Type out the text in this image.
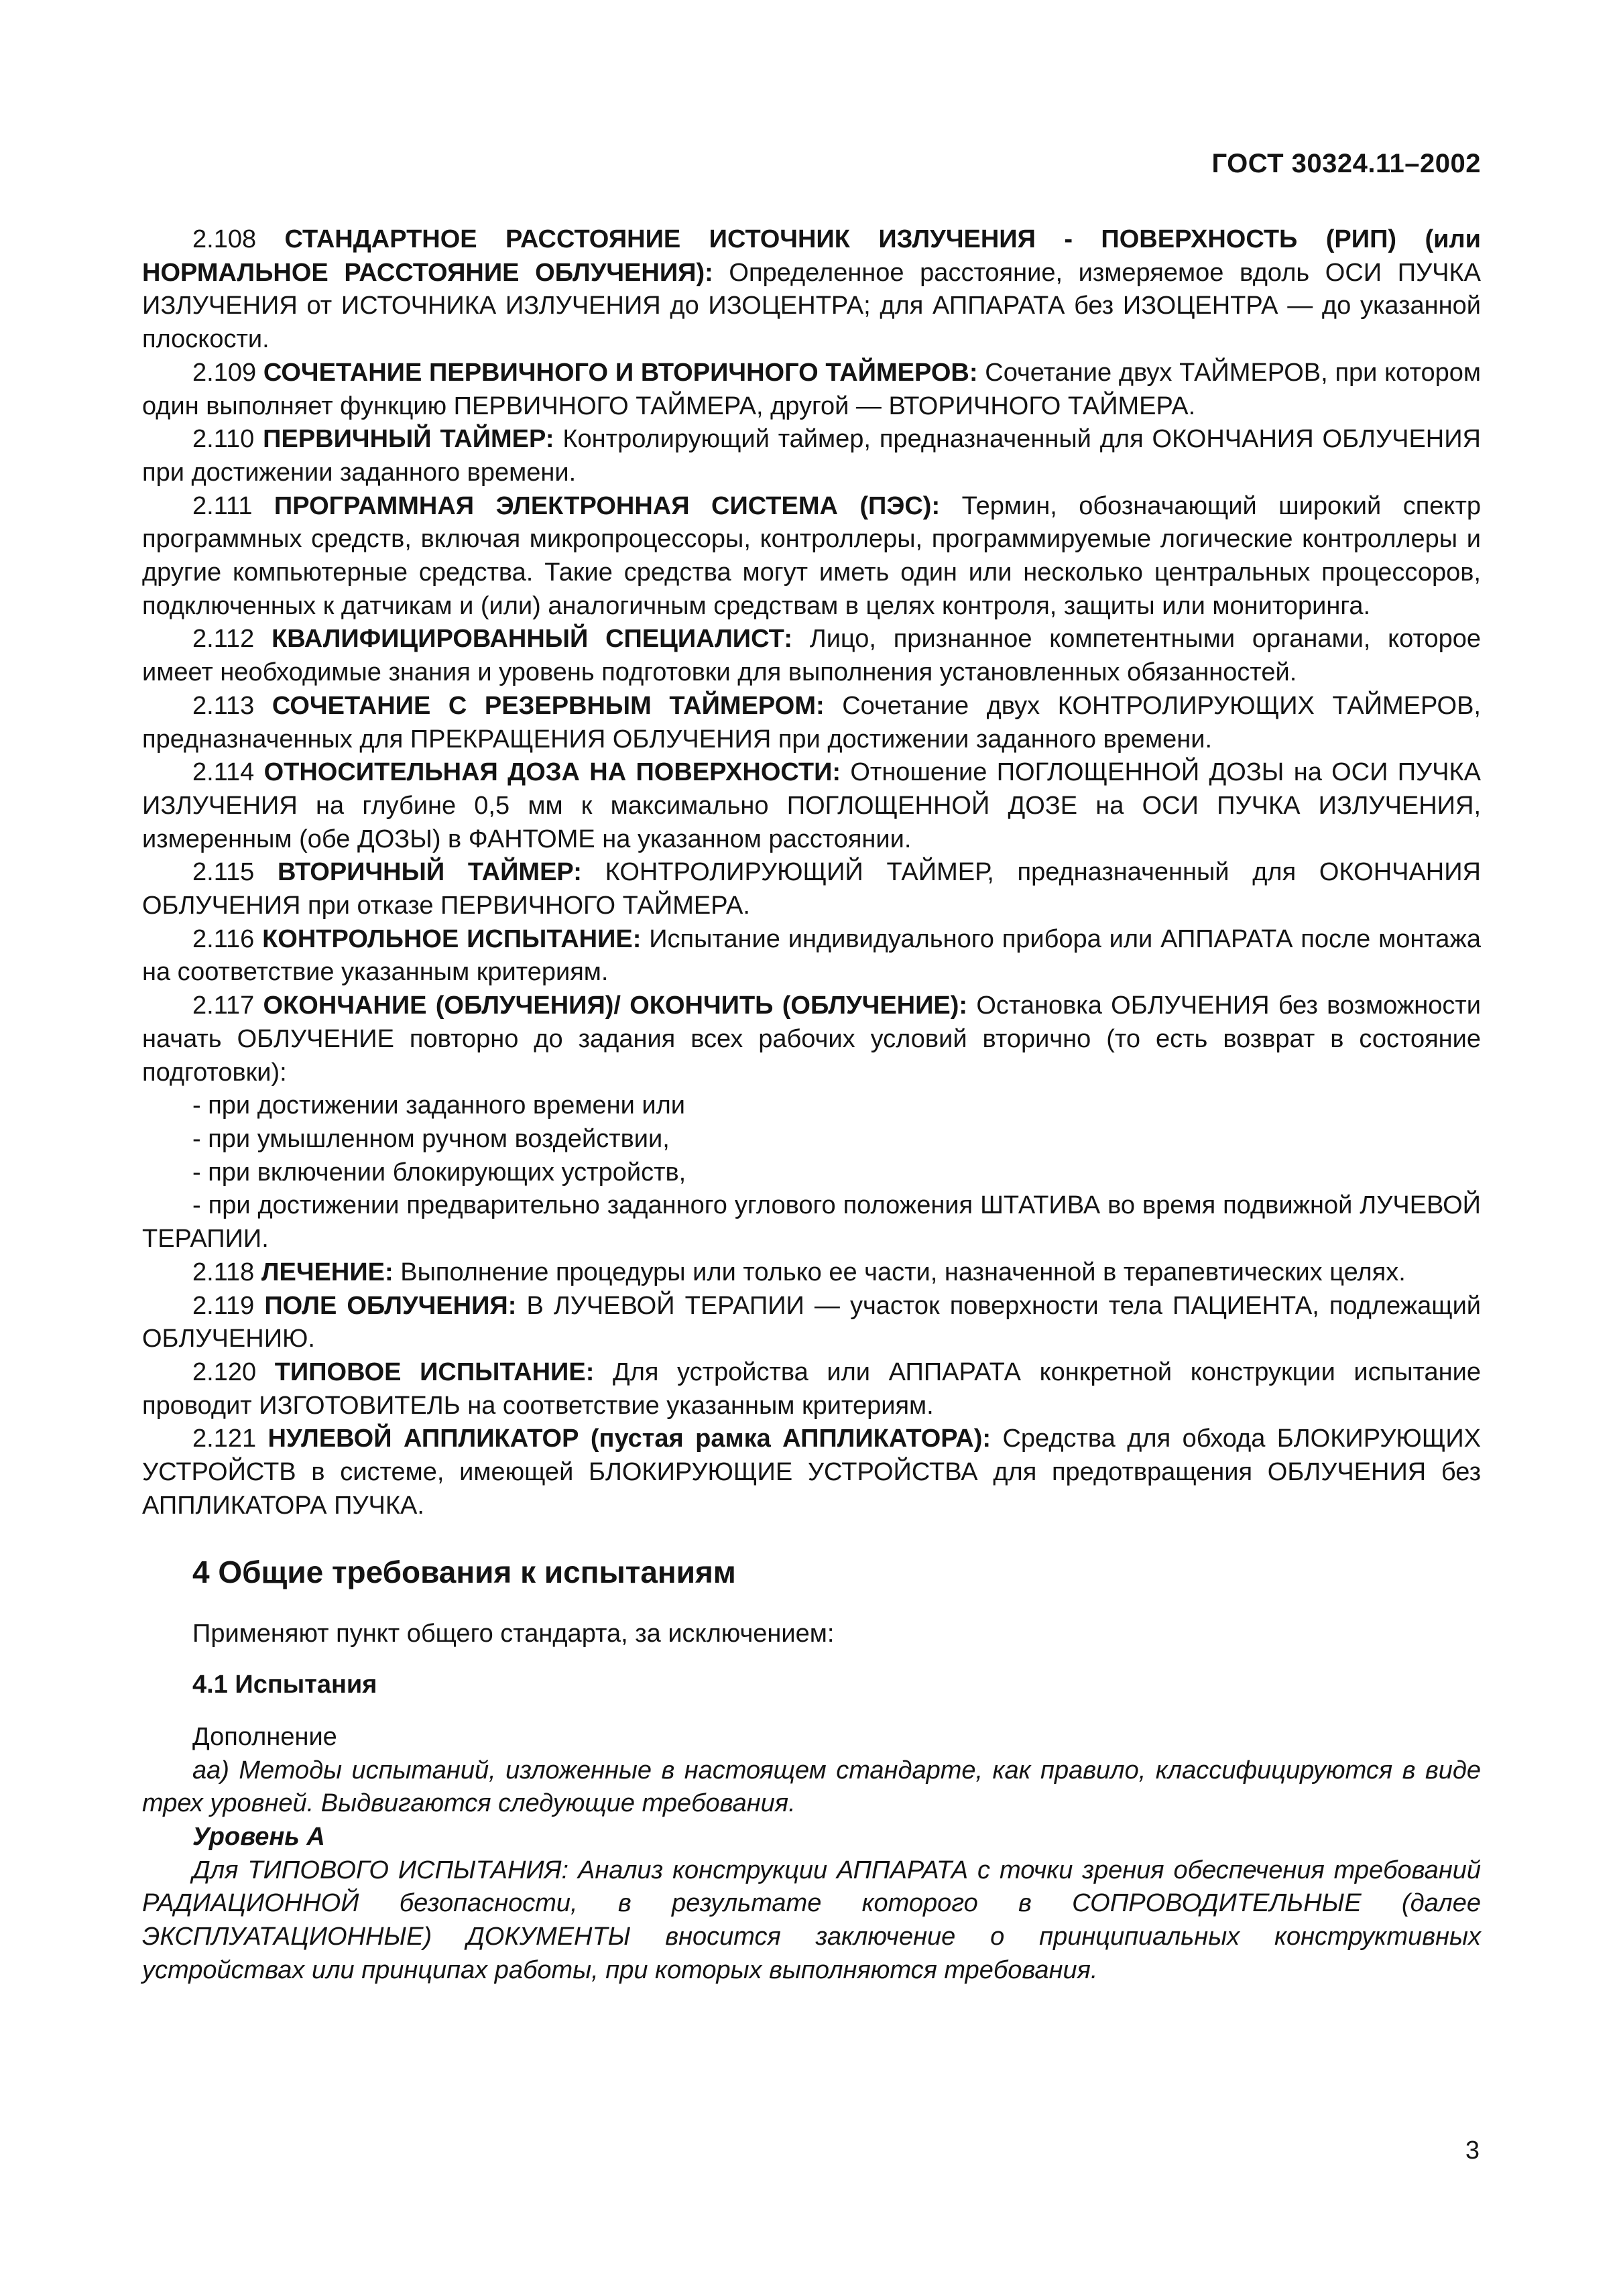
ГОСТ 30324.11–2002

2.108 СТАНДАРТНОЕ РАССТОЯНИЕ ИСТОЧНИК ИЗЛУЧЕНИЯ - ПОВЕРХНОСТЬ (РИП) (или НОРМАЛЬНОЕ РАССТОЯНИЕ ОБЛУЧЕНИЯ): Определенное расстояние, измеряемое вдоль ОСИ ПУЧКА ИЗЛУЧЕНИЯ от ИСТОЧНИКА ИЗЛУЧЕНИЯ до ИЗОЦЕНТРА; для АППАРАТА без ИЗОЦЕНТРА — до указанной плоскости.

2.109 СОЧЕТАНИЕ ПЕРВИЧНОГО И ВТОРИЧНОГО ТАЙМЕРОВ: Сочетание двух ТАЙМЕРОВ, при котором один выполняет функцию ПЕРВИЧНОГО ТАЙМЕРА, другой — ВТОРИЧНОГО ТАЙМЕРА.

2.110 ПЕРВИЧНЫЙ ТАЙМЕР: Контролирующий таймер, предназначенный для ОКОНЧАНИЯ ОБЛУЧЕНИЯ при достижении заданного времени.

2.111 ПРОГРАММНАЯ ЭЛЕКТРОННАЯ СИСТЕМА (ПЭС): Термин, обозначающий широкий спектр программных средств, включая микропроцессоры, контроллеры, программируемые логические контроллеры и другие компьютерные средства. Такие средства могут иметь один или несколько центральных процессоров, подключенных к датчикам и (или) аналогичным средствам в целях контроля, защиты или мониторинга.

2.112 КВАЛИФИЦИРОВАННЫЙ СПЕЦИАЛИСТ: Лицо, признанное компетентными органами, которое имеет необходимые знания и уровень подготовки для выполнения установленных обязанностей.

2.113 СОЧЕТАНИЕ С РЕЗЕРВНЫМ ТАЙМЕРОМ: Сочетание двух КОНТРОЛИРУЮЩИХ ТАЙМЕРОВ, предназначенных для ПРЕКРАЩЕНИЯ ОБЛУЧЕНИЯ при достижении заданного времени.

2.114 ОТНОСИТЕЛЬНАЯ ДОЗА НА ПОВЕРХНОСТИ: Отношение ПОГЛОЩЕННОЙ ДОЗЫ на ОСИ ПУЧКА ИЗЛУЧЕНИЯ на глубине 0,5 мм к максимально ПОГЛОЩЕННОЙ ДОЗЕ на ОСИ ПУЧКА ИЗЛУЧЕНИЯ, измеренным (обе ДОЗЫ) в ФАНТОМЕ на указанном расстоянии.

2.115 ВТОРИЧНЫЙ ТАЙМЕР: КОНТРОЛИРУЮЩИЙ ТАЙМЕР, предназначенный для ОКОНЧАНИЯ ОБЛУЧЕНИЯ при отказе ПЕРВИЧНОГО ТАЙМЕРА.

2.116 КОНТРОЛЬНОЕ ИСПЫТАНИЕ: Испытание индивидуального прибора или АППАРАТА после монтажа на соответствие указанным критериям.

2.117 ОКОНЧАНИЕ (ОБЛУЧЕНИЯ)/ ОКОНЧИТЬ (ОБЛУЧЕНИЕ): Остановка ОБЛУЧЕНИЯ без возможности начать ОБЛУЧЕНИЕ повторно до задания всех рабочих условий вторично (то есть возврат в состояние подготовки):

- при достижении заданного времени или

- при умышленном ручном воздействии,

- при включении блокирующих устройств,

- при достижении предварительно заданного углового положения ШТАТИВА во время подвижной ЛУЧЕВОЙ ТЕРАПИИ.

2.118 ЛЕЧЕНИЕ: Выполнение процедуры или только ее части, назначенной в терапевтических целях.

2.119 ПОЛЕ ОБЛУЧЕНИЯ: В ЛУЧЕВОЙ ТЕРАПИИ — участок поверхности тела ПАЦИЕНТА, подлежащий ОБЛУЧЕНИЮ.

2.120 ТИПОВОЕ ИСПЫТАНИЕ: Для устройства или АППАРАТА конкретной конструкции испытание проводит ИЗГОТОВИТЕЛЬ на соответствие указанным критериям.

2.121 НУЛЕВОЙ АППЛИКАТОР (пустая рамка АППЛИКАТОРА): Средства для обхода БЛОКИРУЮЩИХ УСТРОЙСТВ в системе, имеющей БЛОКИРУЮЩИЕ УСТРОЙСТВА для предотвращения ОБЛУЧЕНИЯ без АППЛИКАТОРА ПУЧКА.

4 Общие требования к испытаниям

Применяют пункт общего стандарта, за исключением:

4.1 Испытания

Дополнение

аа) Методы испытаний, изложенные в настоящем стандарте, как правило, классифицируются в виде трех уровней. Выдвигаются следующие требования.

Уровень А

Для ТИПОВОГО ИСПЫТАНИЯ: Анализ конструкции АППАРАТА с точки зрения обеспечения требований РАДИАЦИОННОЙ безопасности, в результате которого в СОПРОВОДИТЕЛЬНЫЕ (далее ЭКСПЛУАТАЦИОННЫЕ) ДОКУМЕНТЫ вносится заключение о принципиальных конструктивных устройствах или принципах работы, при которых выполняются требования.

3
